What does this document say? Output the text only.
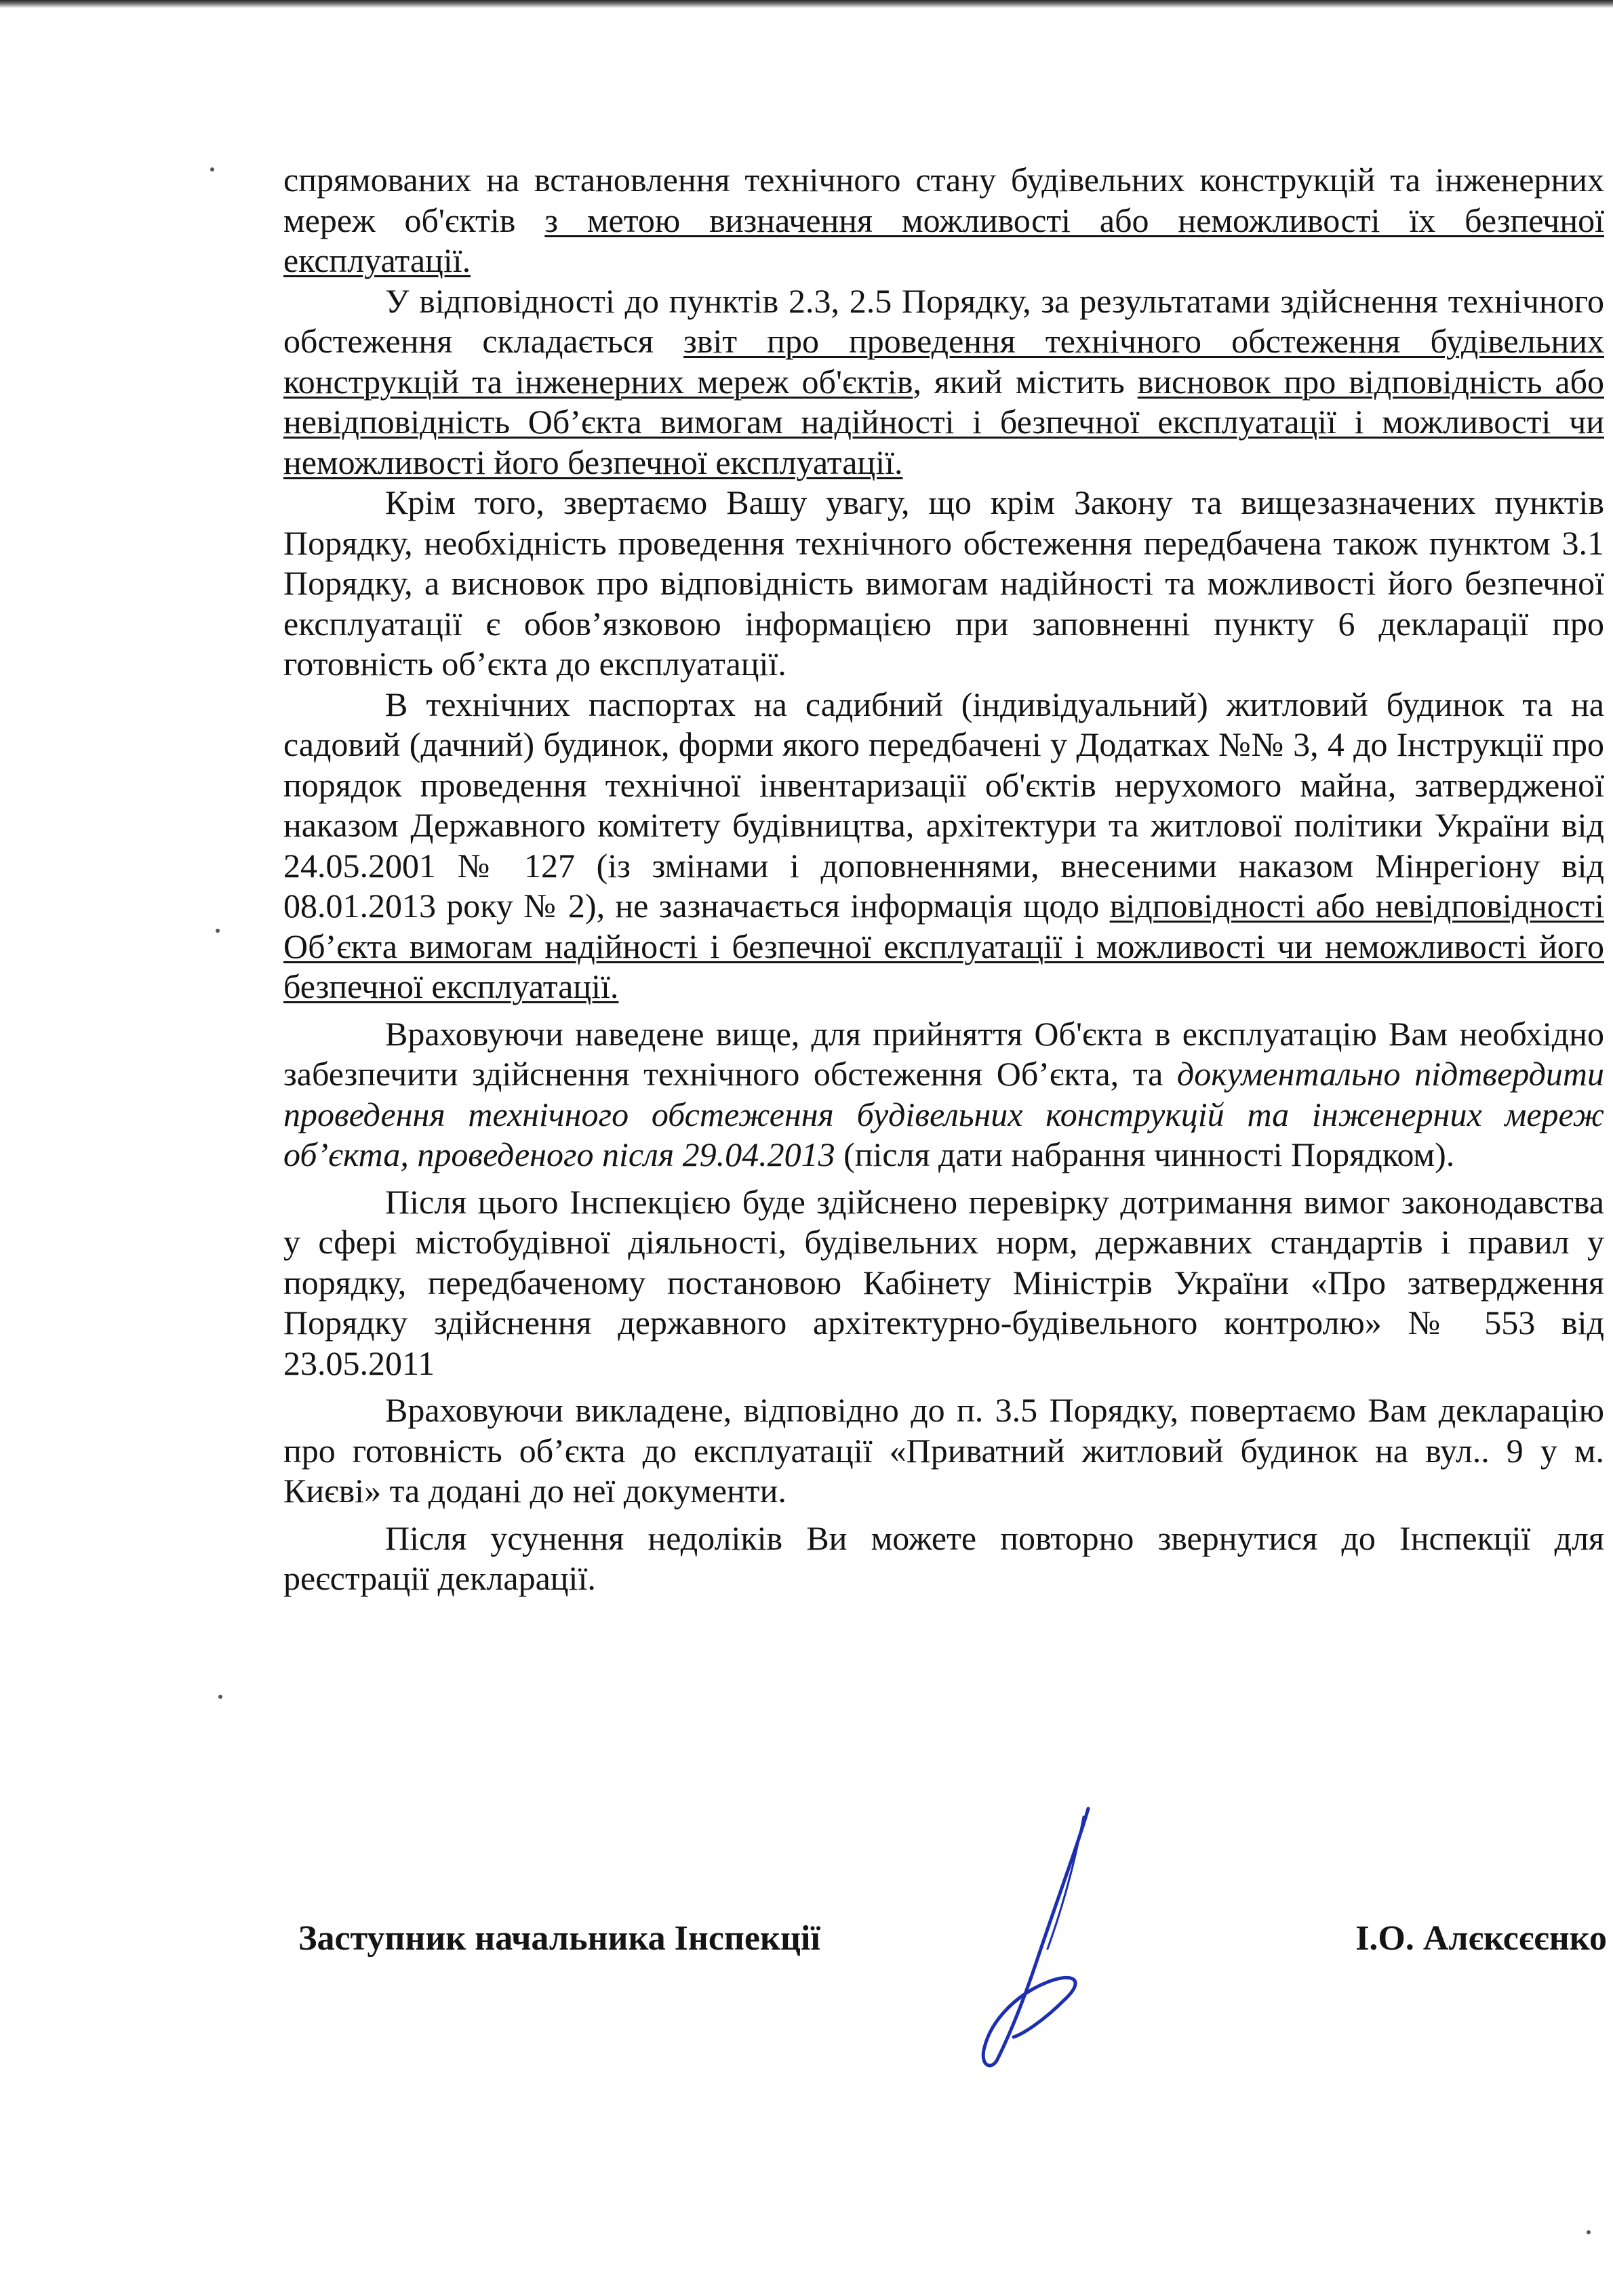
спрямованих на встановлення технічного стану будівельних конструкцій та інженерних мереж об'єктів з метою визначення можливості або неможливості їх безпечної експлуатації.

У відповідності до пунктів 2.3, 2.5 Порядку, за результатами здійснення технічного обстеження складається звіт про проведення технічного обстеження будівельних конструкцій та інженерних мереж об'єктів, який містить висновок про відповідність або невідповідність Об’єкта вимогам надійності і безпечної експлуатації і можливості чи неможливості його безпечної експлуатації.

Крім того, звертаємо Вашу увагу, що крім Закону та вищезазначених пунктів Порядку, необхідність проведення технічного обстеження передбачена також пунктом 3.1 Порядку, а висновок про відповідність вимогам надійності та можливості його безпечної експлуатації є обов’язковою інформацією при заповненні пункту 6 декларації про готовність об’єкта до експлуатації.

В технічних паспортах на садибний (індивідуальний) житловий будинок та на садовий (дачний) будинок, форми якого передбачені у Додатках №№ 3, 4 до Інструкції про порядок проведення технічної інвентаризації об'єктів нерухомого майна, затвердженої наказом Державного комітету будівництва, архітектури та житлової політики України від 24.05.2001 № 127 (із змінами і доповненнями, внесеними наказом Мінрегіону від 08.01.2013 року № 2), не зазначається інформація щодо відповідності або невідповідності Об’єкта вимогам надійності і безпечної експлуатації і можливості чи неможливості його безпечної експлуатації.

Враховуючи наведене вище, для прийняття Об'єкта в експлуатацію Вам необхідно забезпечити здійснення технічного обстеження Об’єкта, та документально підтвердити проведення технічного обстеження будівельних конструкцій та інженерних мереж об’єкта, проведеного після 29.04.2013 (після дати набрання чинності Порядком).

Після цього Інспекцією буде здійснено перевірку дотримання вимог законодавства у сфері містобудівної діяльності, будівельних норм, державних стандартів і правил у порядку, передбаченому постановою Кабінету Міністрів України «Про затвердження Порядку здійснення державного архітектурно-будівельного контролю» № 553 від 23.05.2011

Враховуючи викладене, відповідно до п. 3.5 Порядку, повертаємо Вам декларацію про готовність об’єкта до експлуатації «Приватний житловий будинок на вул.. 9 у м. Києві» та додані до неї документи.

Після усунення недоліків Ви можете повторно звернутися до Інспекції для реєстрації декларації.

Заступник начальника Інспекції	І.О. Алєксєєнко
